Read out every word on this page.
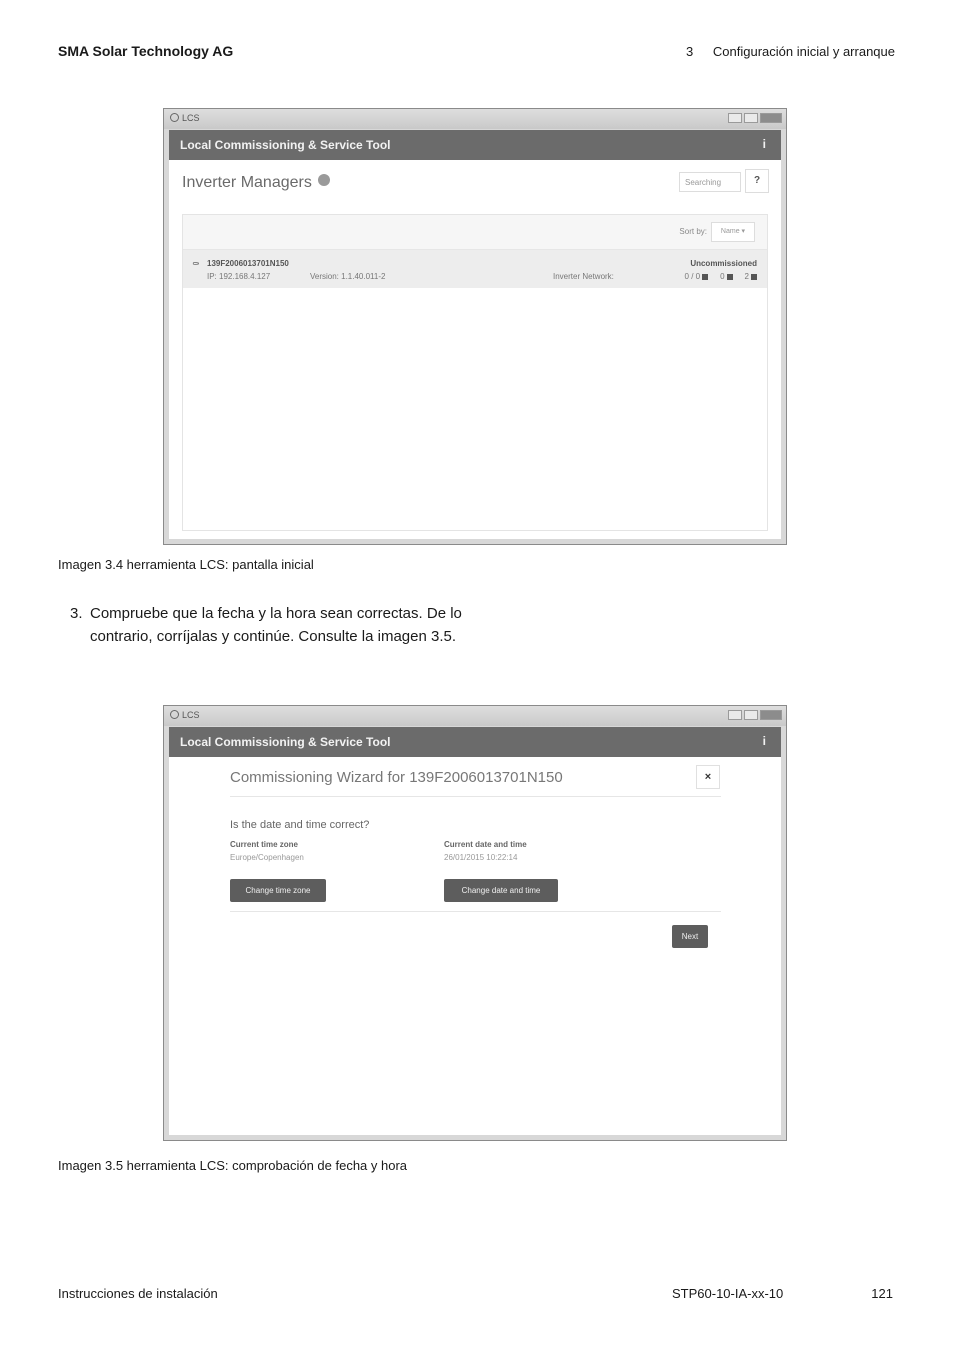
SMA Solar Technology AG	3 Configuración inicial y arranque
LCS
Local Commissioning & Service Tool	i
Inverter Managers	Searching	?
Sort by:	Name ▾
⚰ 139F2006013701N150
IP: 192.168.4.127	Version: 1.1.40.011-2
Uncommissioned
Inverter Network:	0 / 0	0	2
Imagen 3.4 herramienta LCS: pantalla inicial
3. Compruebe que la fecha y la hora sean correctas. De lo contrario, corríjalas y continúe. Consulte la imagen 3.5.
LCS
Local Commissioning & Service Tool	i
Commissioning Wizard for 139F2006013701N150	×
Is the date and time correct?
Current time zone
Europe/Copenhagen
Current date and time
26/01/2015 10:22:14
Change time zone	Change date and time
Next
Imagen 3.5 herramienta LCS: comprobación de fecha y hora
Instrucciones de instalación	STP60-10-IA-xx-10	121
